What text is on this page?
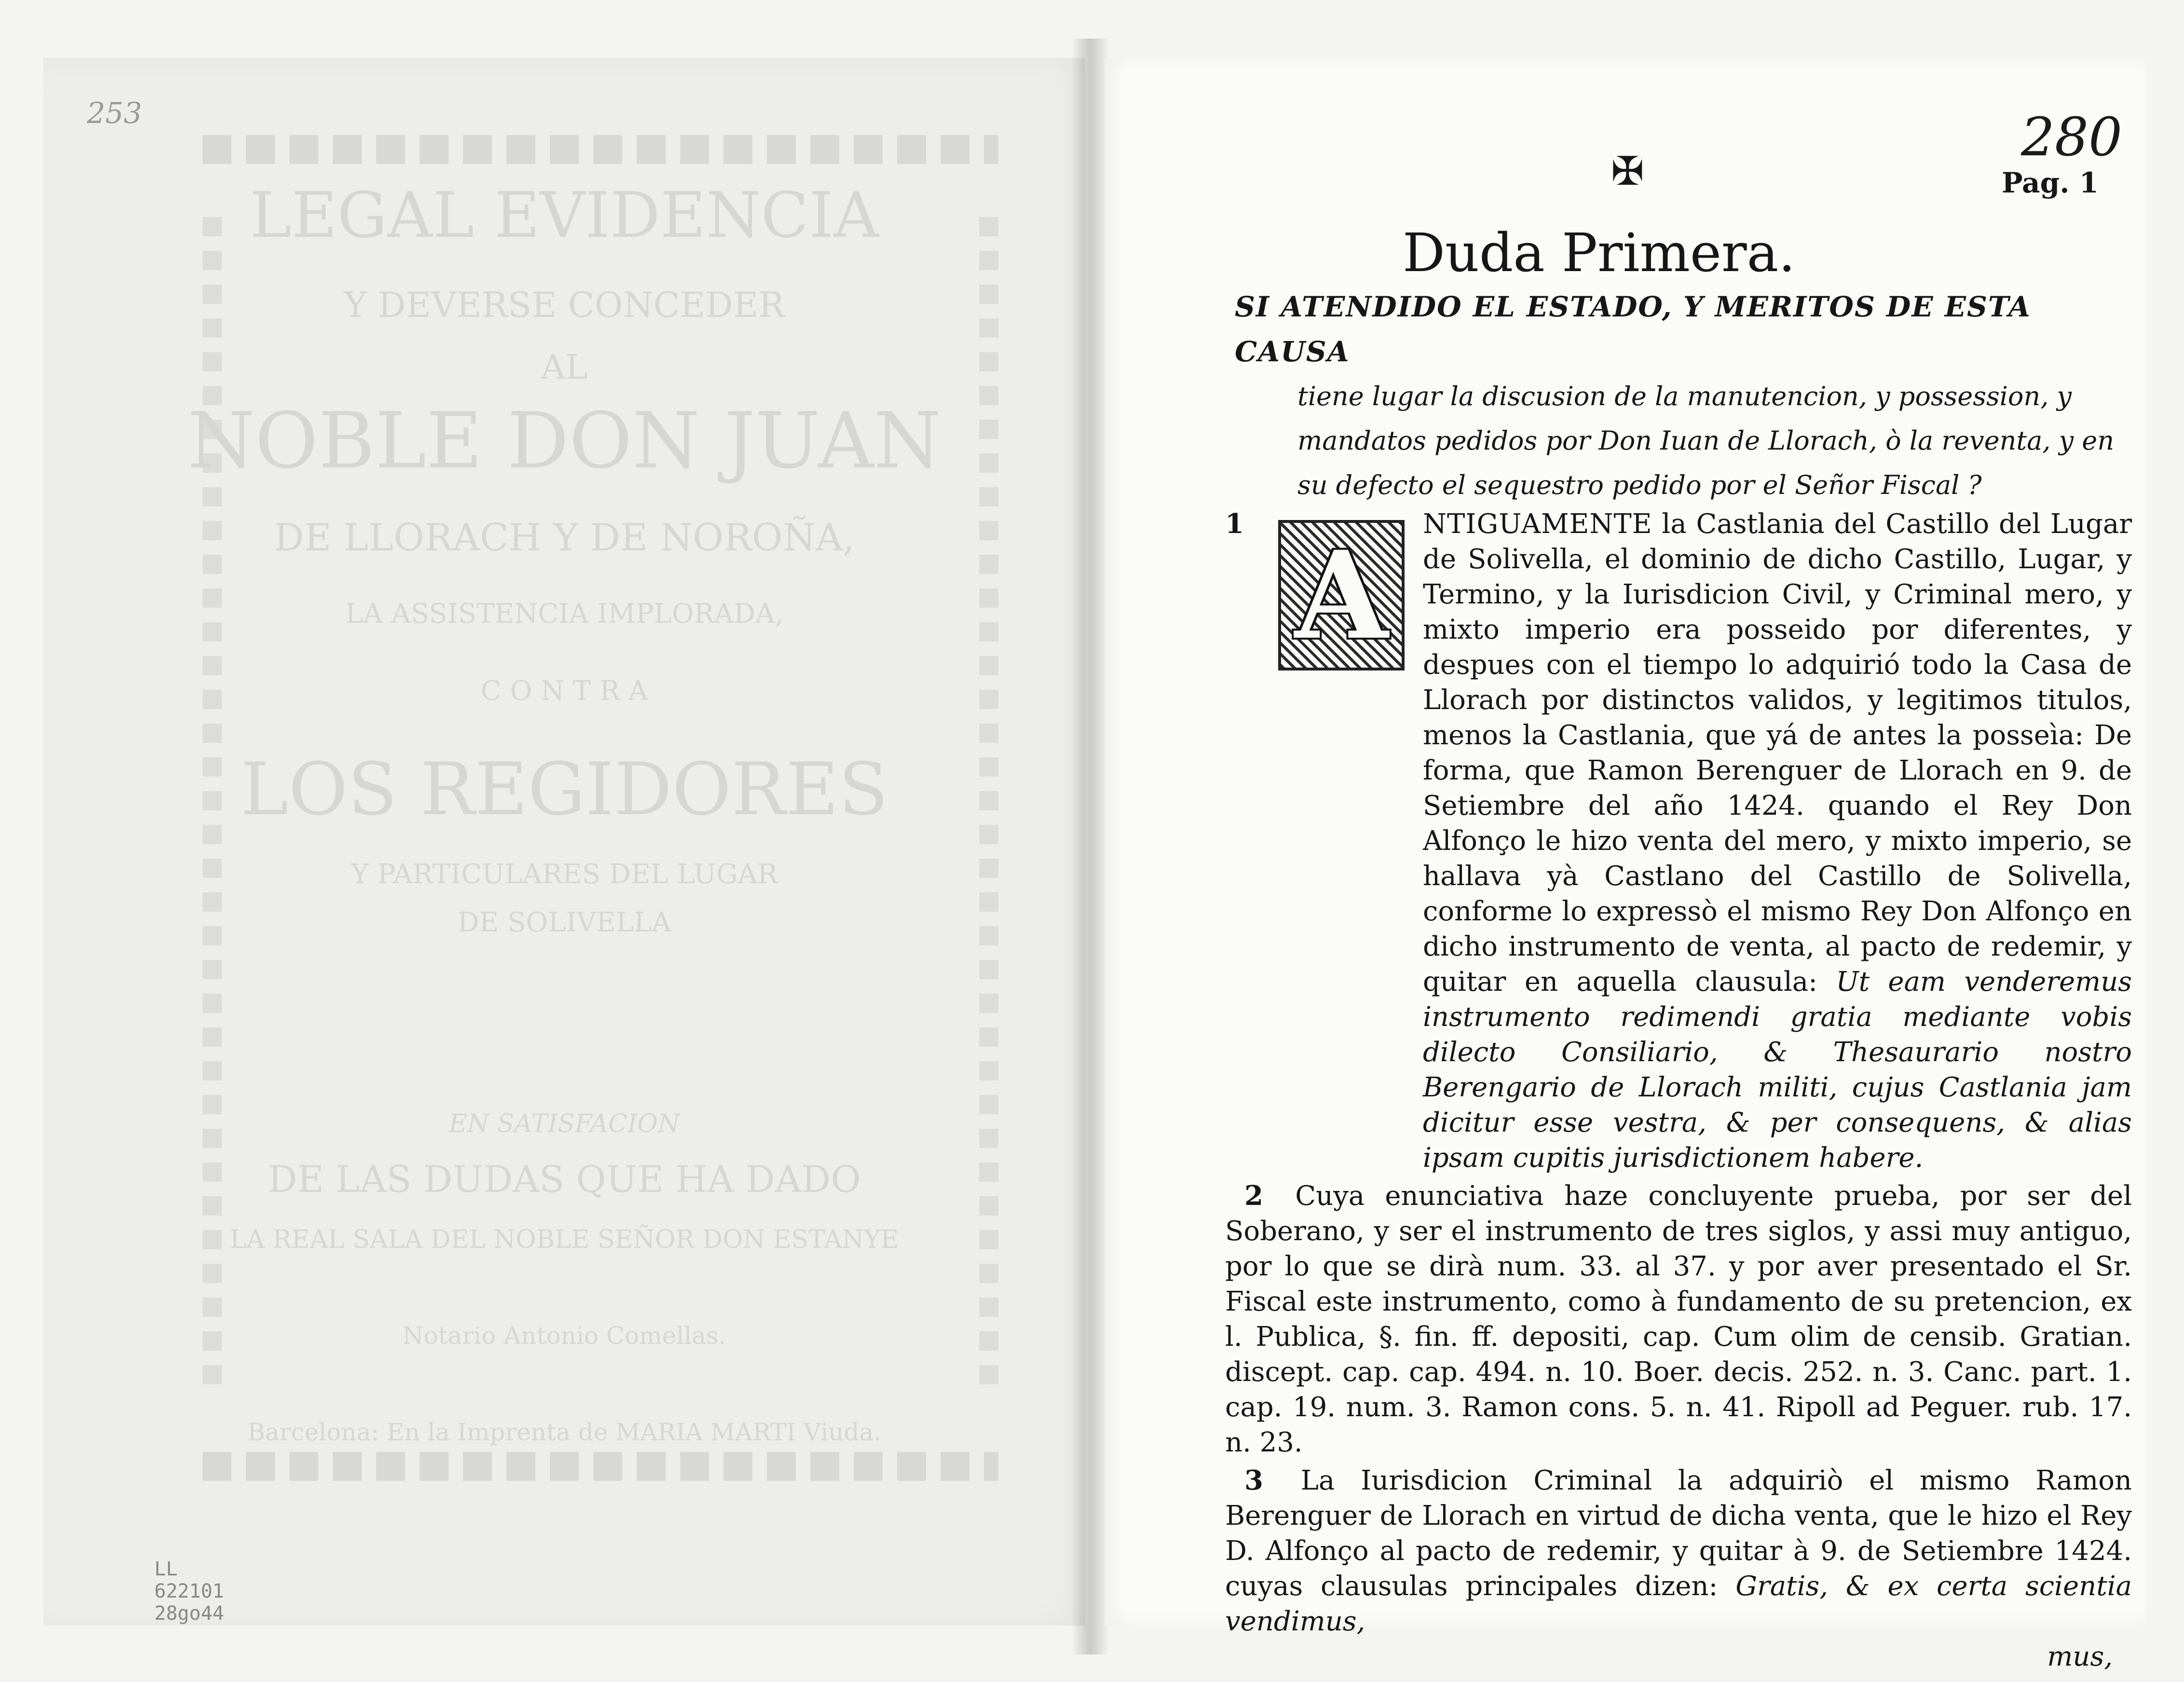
253
LEGAL EVIDENCIA
Y DEVERSE CONCEDER
AL
NOBLE DON JUAN
DE LLORACH Y DE NOROÑA,
LA ASSISTENCIA IMPLORADA,
C O N T R A
LOS REGIDORES
Y PARTICULARES DEL LUGAR
DE SOLIVELLA
EN SATISFACION
DE LAS DUDAS QUE HA DADO
LA REAL SALA DEL NOBLE SEÑOR DON ESTANYE
Notario Antonio Comellas.
Barcelona: En la Imprenta de MARIA MARTI Viuda.
LL
622101
28go44
280
✠	Pag. 1
Duda Primera.
SI ATENDIDO EL ESTADO, Y MERITOS DE ESTA CAUSA
tiene lugar la discusion de la manutencion, y possession, y mandatos pedidos por Don Iuan de Llorach, ò la reventa, y en su defecto el sequestro pedido por el Señor Fiscal ?
1
A
NTIGUAMENTE la Castlania del Castillo del Lugar de Solivella, el dominio de dicho Castillo, Lugar, y Termino, y la Iurisdicion Civil, y Criminal mero, y mixto imperio era posseido por diferentes, y despues con el tiempo lo adquirió todo la Casa de Llorach por distinctos validos, y legitimos titulos, menos la Castlania, que yá de antes la posseìa: De forma, que Ramon Berenguer de Llorach en 9. de Setiembre del año 1424. quando el Rey Don Alfonço le hizo venta del mero, y mixto imperio, se hallava yà Castlano del Castillo de Solivella, conforme lo expressò el mismo Rey Don Alfonço en dicho instrumento de venta, al pacto de redemir, y quitar en aquella clausula: Ut eam venderemus instrumento redimendi gratia mediante vobis dilecto Consiliario, & Thesaurario nostro Berengario de Llorach militi, cujus Castlania jam dicitur esse vestra, & per consequens, & alias ipsam cupitis jurisdictionem habere.
2 Cuya enunciativa haze concluyente prueba, por ser del Soberano, y ser el instrumento de tres siglos, y assi muy antiguo, por lo que se dirà num. 33. al 37. y por aver presentado el Sr. Fiscal este instrumento, como à fundamento de su pretencion, ex l. Publica, §. fin. ff. depositi, cap. Cum olim de censib. Gratian. discept. cap. cap. 494. n. 10. Boer. decis. 252. n. 3. Canc. part. 1. cap. 19. num. 3. Ramon cons. 5. n. 41. Ripoll ad Peguer. rub. 17. n. 23.
3 La Iurisdicion Criminal la adquiriò el mismo Ramon Berenguer de Llorach en virtud de dicha venta, que le hizo el Rey D. Alfonço al pacto de redemir, y quitar à 9. de Setiembre 1424. cuyas clausulas principales dizen: Gratis, & ex certa scientia vendimus,
mus,
